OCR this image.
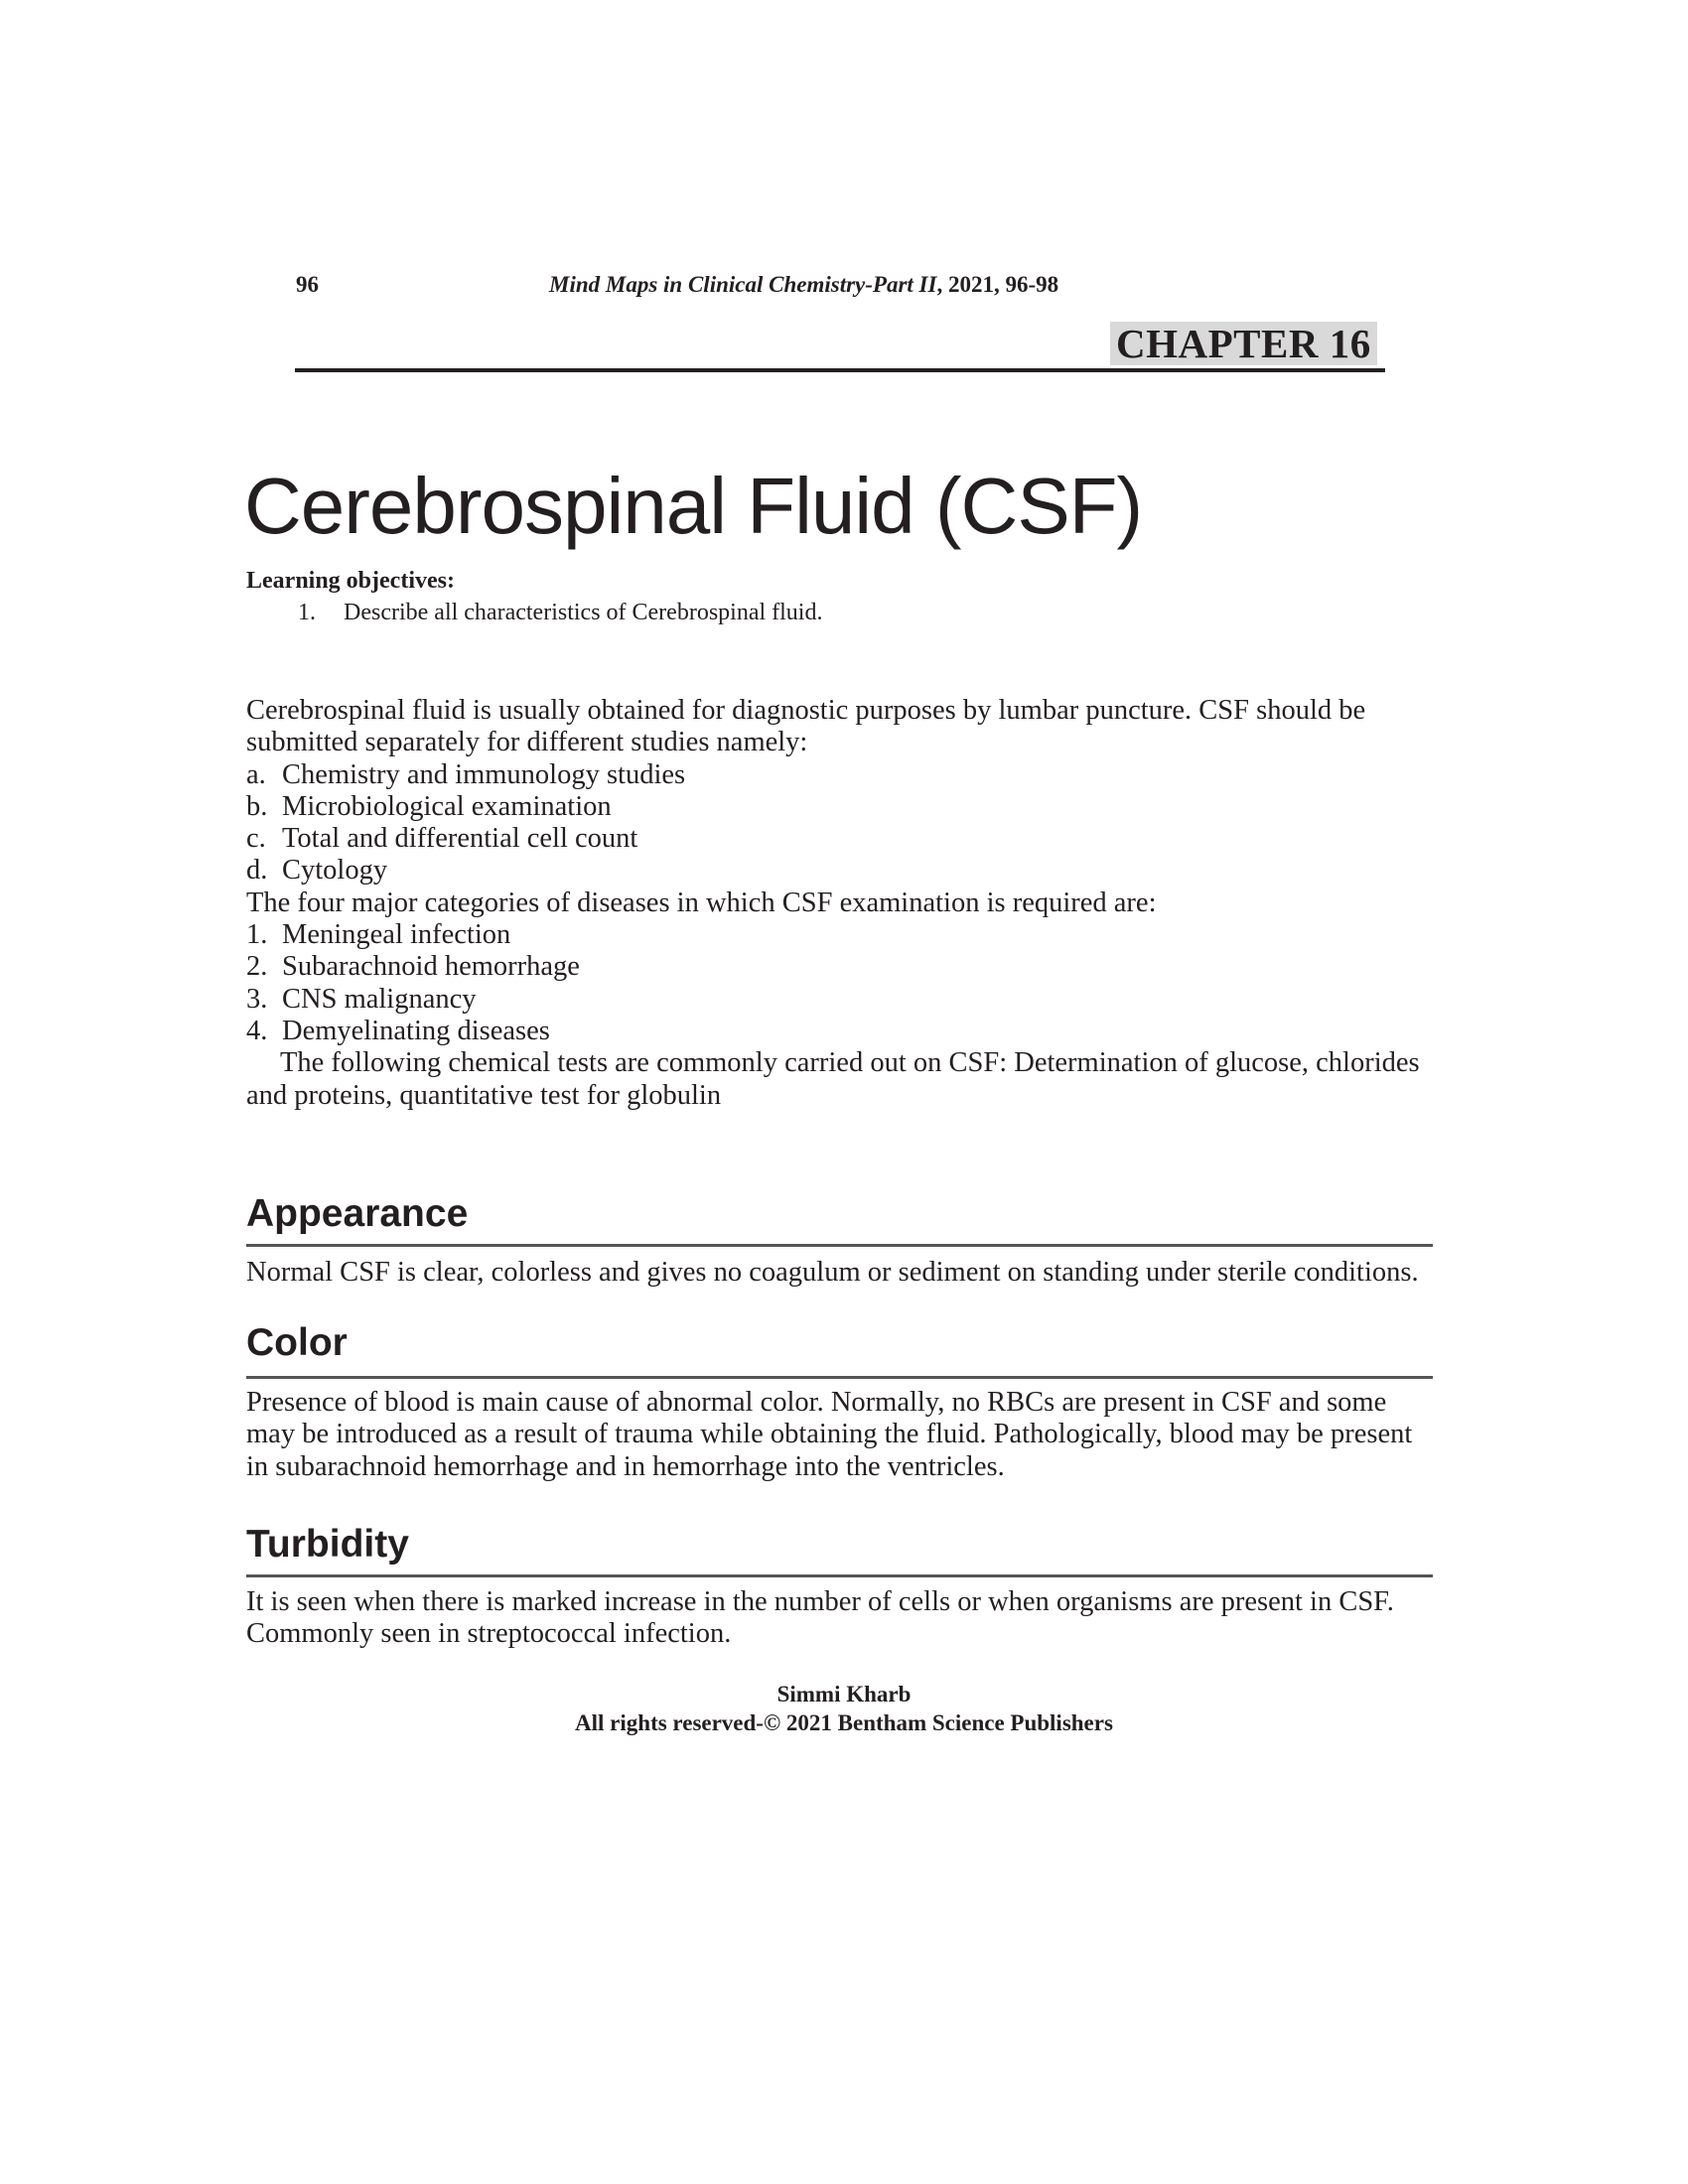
96	Mind Maps in Clinical Chemistry-Part II, 2021, 96-98
CHAPTER 16
Cerebrospinal Fluid (CSF)
Learning objectives:
1. Describe all characteristics of Cerebrospinal fluid.
Cerebrospinal fluid is usually obtained for diagnostic purposes by lumbar puncture. CSF should be
submitted separately for different studies namely:
a. Chemistry and immunology studies
b. Microbiological examination
c. Total and differential cell count
d. Cytology
The four major categories of diseases in which CSF examination is required are:
1. Meningeal infection
2. Subarachnoid hemorrhage
3. CNS malignancy
4. Demyelinating diseases
The following chemical tests are commonly carried out on CSF: Determination of glucose, chlorides
and proteins, quantitative test for globulin
Appearance
Normal CSF is clear, colorless and gives no coagulum or sediment on standing under sterile conditions.
Color
Presence of blood is main cause of abnormal color. Normally, no RBCs are present in CSF and some
may be introduced as a result of trauma while obtaining the fluid. Pathologically, blood may be present
in subarachnoid hemorrhage and in hemorrhage into the ventricles.
Turbidity
It is seen when there is marked increase in the number of cells or when organisms are present in CSF.
Commonly seen in streptococcal infection.
Simmi Kharb
All rights reserved-© 2021 Bentham Science Publishers
